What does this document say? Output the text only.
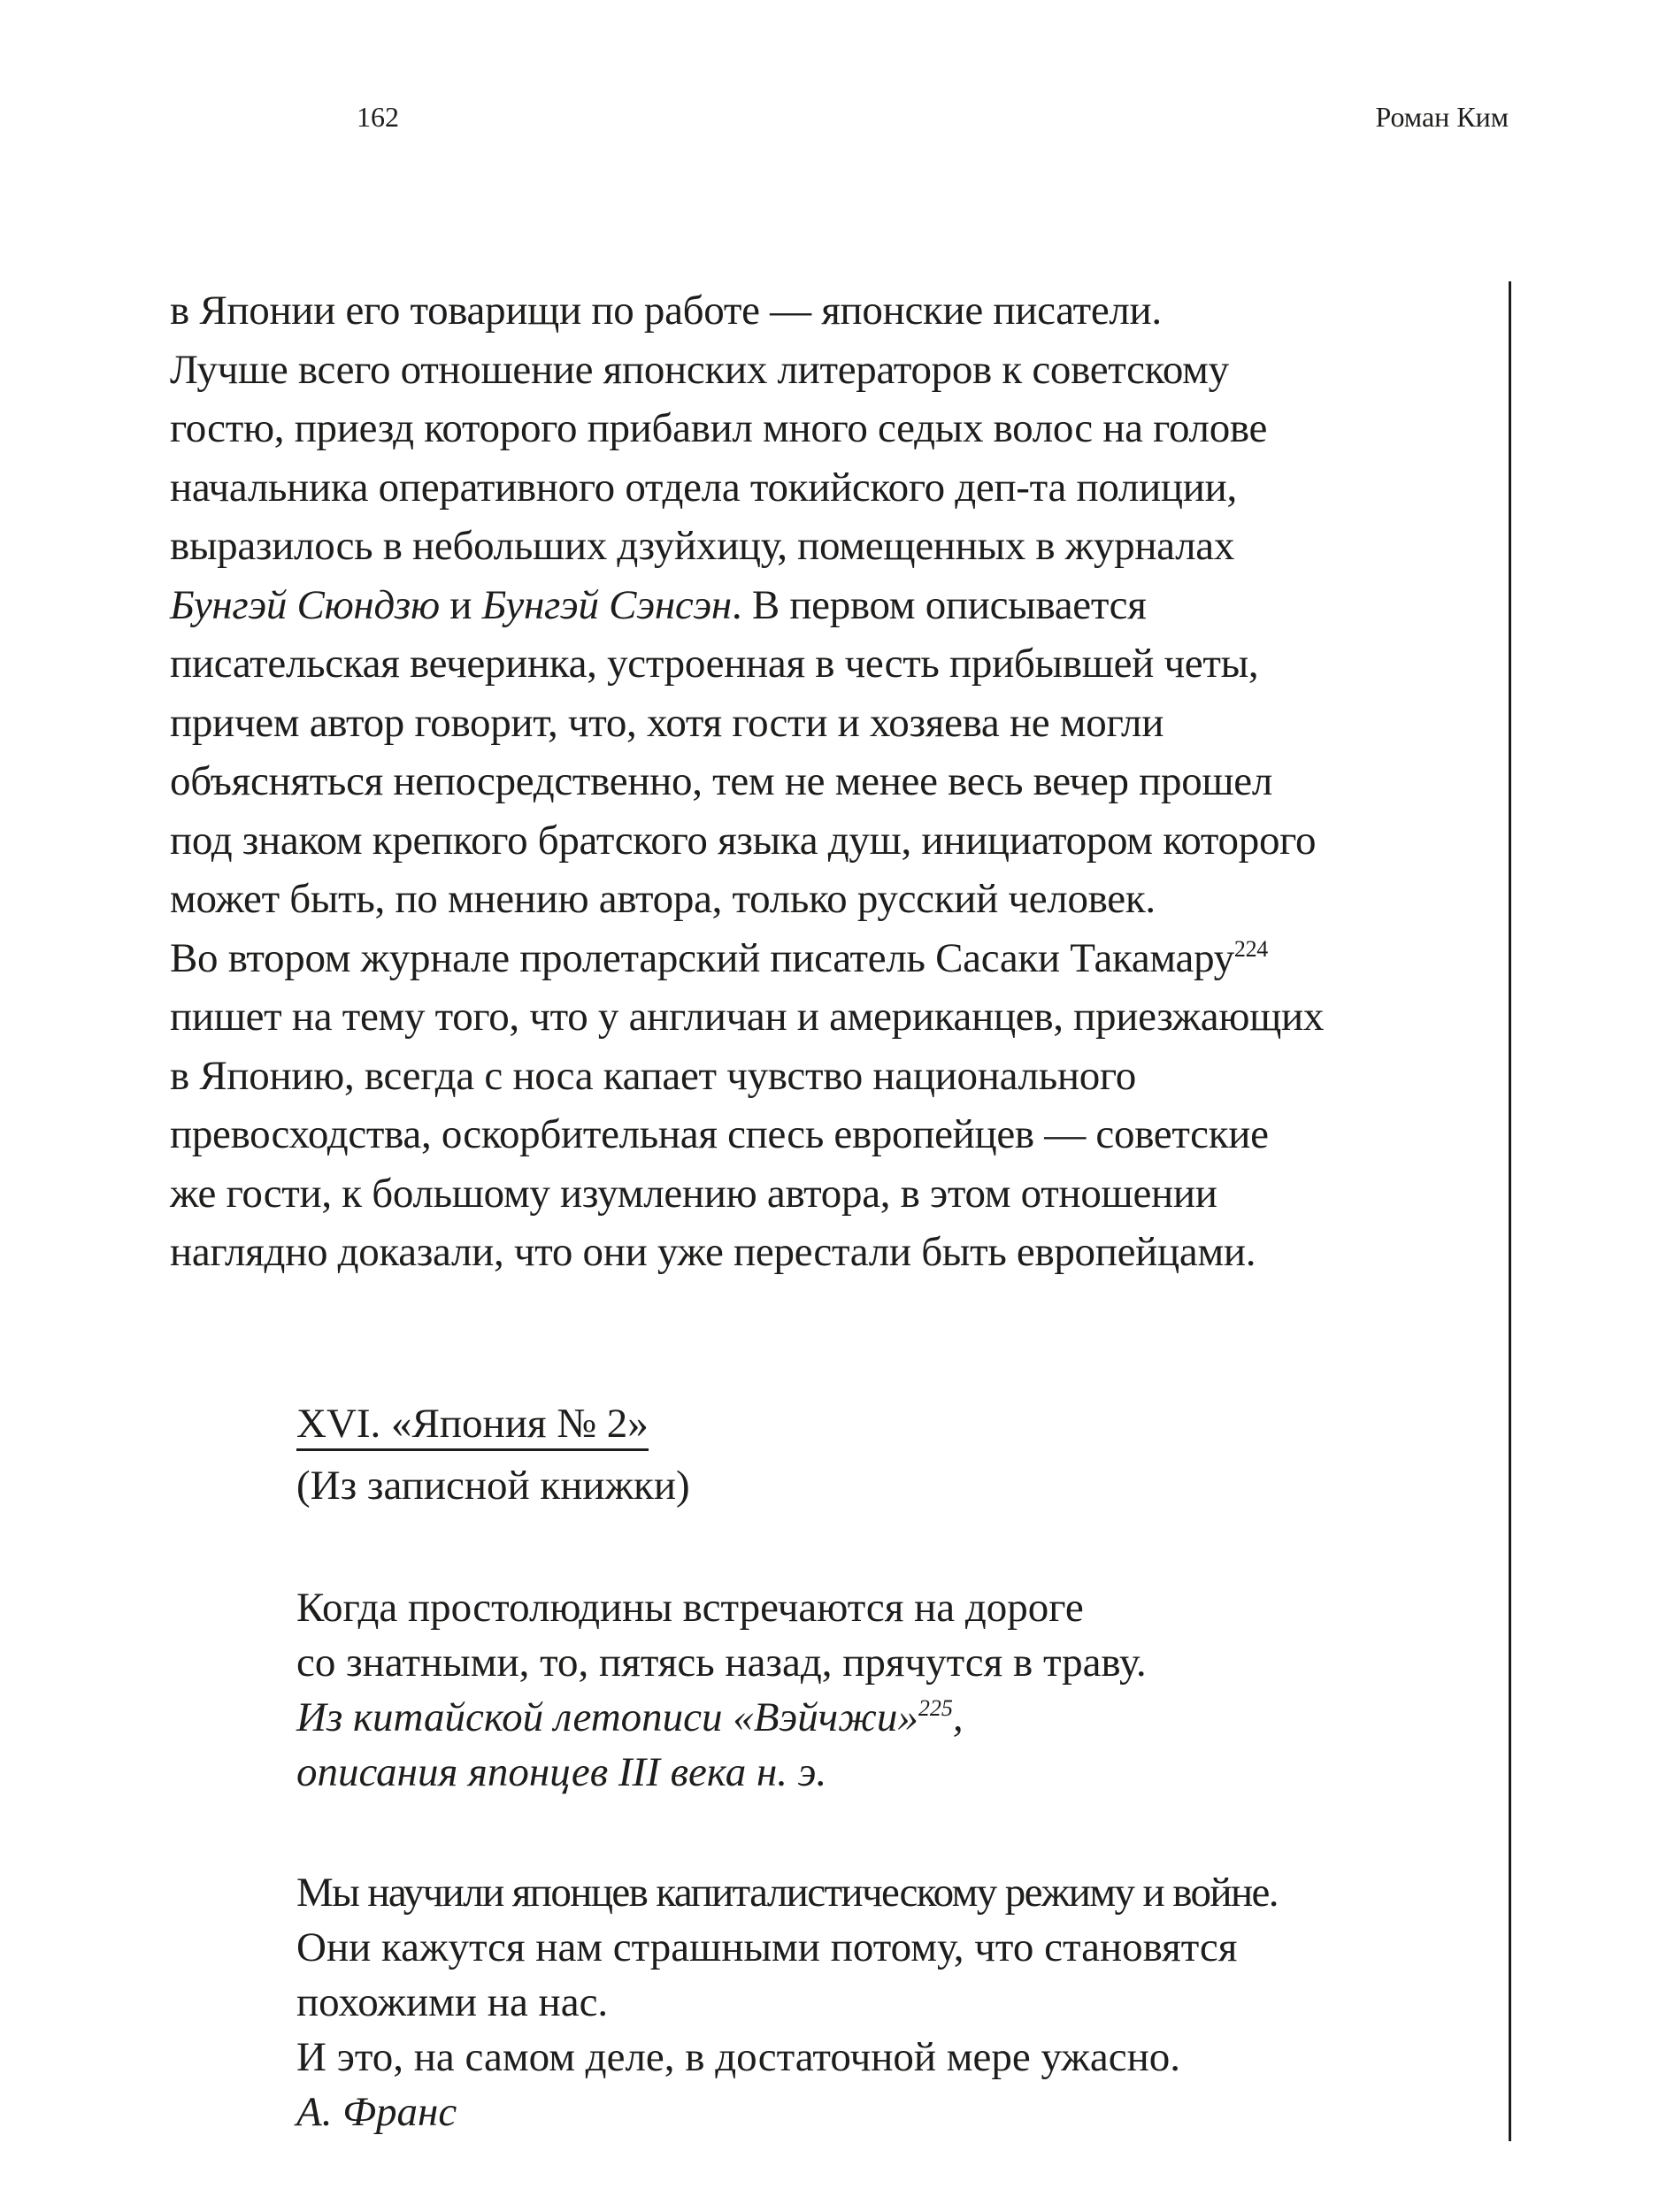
162	Роман Ким
в Японии его товарищи по работе — японские писатели.
Лучше всего отношение японских литераторов к советскому
гостю, приезд которого прибавил много седых волос на голове
начальника оперативного отдела токийского деп-та полиции,
выразилось в небольших дзуйхицу, помещенных в журналах
Бунгэй Сюндзю и Бунгэй Сэнсэн. В первом описывается
писательская вечеринка, устроенная в честь прибывшей четы,
причем автор говорит, что, хотя гости и хозяева не могли
объясняться непосредственно, тем не менее весь вечер прошел
под знаком крепкого братского языка душ, инициатором которого
может быть, по мнению автора, только русский человек.
Во втором журнале пролетарский писатель Сасаки Такамару$^{224}$
пишет на тему того, что у англичан и американцев, приезжающих
в Японию, всегда с носа капает чувство национального
превосходства, оскорбительная спесь европейцев — советские
же гости, к большому изумлению автора, в этом отношении
наглядно доказали, что они уже перестали быть европейцами.
XVI. «Япония № 2»
(Из записной книжки)
Когда простолюдины встречаются на дороге
со знатными, то, пятясь назад, прячутся в траву.
Из китайской летописи «Вэйчжи»$^{225}$,
описания японцев III века н. э.
Мы научили японцев капиталистическому режиму и войне.
Они кажутся нам страшными потому, что становятся
похожими на нас.
И это, на самом деле, в достаточной мере ужасно.
А. Франс
